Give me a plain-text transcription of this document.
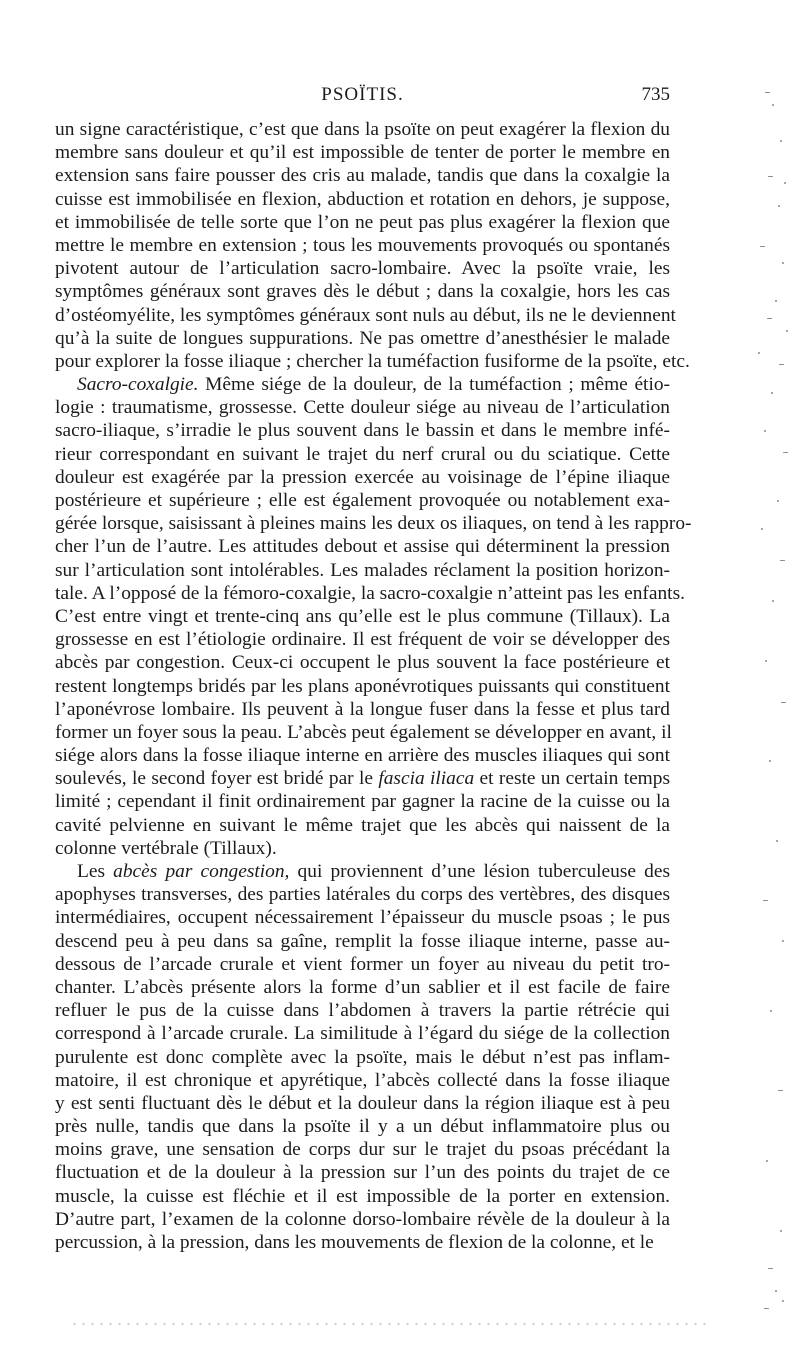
PSOÏTIS.	735
un signe caractéristique, c’est que dans la psoïte on peut exagérer la flexion du
membre sans douleur et qu’il est impossible de tenter de porter le membre en
extension sans faire pousser des cris au malade, tandis que dans la coxalgie la
cuisse est immobilisée en flexion, abduction et rotation en dehors, je suppose,
et immobilisée de telle sorte que l’on ne peut pas plus exagérer la flexion que
mettre le membre en extension ; tous les mouvements provoqués ou spontanés
pivotent autour de l’articulation sacro-lombaire. Avec la psoïte vraie, les
symptômes généraux sont graves dès le début ; dans la coxalgie, hors les cas
d’ostéomyélite, les symptômes généraux sont nuls au début, ils ne le deviennent
qu’à la suite de longues suppurations. Ne pas omettre d’anesthésier le malade
pour explorer la fosse iliaque ; chercher la tuméfaction fusiforme de la psoïte, etc.
Sacro-coxalgie. Même siége de la douleur, de la tuméfaction ; même étio-
logie : traumatisme, grossesse. Cette douleur siége au niveau de l’articulation
sacro-iliaque, s’irradie le plus souvent dans le bassin et dans le membre infé-
rieur correspondant en suivant le trajet du nerf crural ou du sciatique. Cette
douleur est exagérée par la pression exercée au voisinage de l’épine iliaque
postérieure et supérieure ; elle est également provoquée ou notablement exa-
gérée lorsque, saisissant à pleines mains les deux os iliaques, on tend à les rappro-
cher l’un de l’autre. Les attitudes debout et assise qui déterminent la pression
sur l’articulation sont intolérables. Les malades réclament la position horizon-
tale. A l’opposé de la fémoro-coxalgie, la sacro-coxalgie n’atteint pas les enfants.
C’est entre vingt et trente-cinq ans qu’elle est le plus commune (Tillaux). La
grossesse en est l’étiologie ordinaire. Il est fréquent de voir se développer des
abcès par congestion. Ceux-ci occupent le plus souvent la face postérieure et
restent longtemps bridés par les plans aponévrotiques puissants qui constituent
l’aponévrose lombaire. Ils peuvent à la longue fuser dans la fesse et plus tard
former un foyer sous la peau. L’abcès peut également se développer en avant, il
siége alors dans la fosse iliaque interne en arrière des muscles iliaques qui sont
soulevés, le second foyer est bridé par le fascia iliaca et reste un certain temps
limité ; cependant il finit ordinairement par gagner la racine de la cuisse ou la
cavité pelvienne en suivant le même trajet que les abcès qui naissent de la
colonne vertébrale (Tillaux).
Les abcès par congestion, qui proviennent d’une lésion tuberculeuse des
apophyses transverses, des parties latérales du corps des vertèbres, des disques
intermédiaires, occupent nécessairement l’épaisseur du muscle psoas ; le pus
descend peu à peu dans sa gaîne, remplit la fosse iliaque interne, passe au-
dessous de l’arcade crurale et vient former un foyer au niveau du petit tro-
chanter. L’abcès présente alors la forme d’un sablier et il est facile de faire
refluer le pus de la cuisse dans l’abdomen à travers la partie rétrécie qui
correspond à l’arcade crurale. La similitude à l’égard du siége de la collection
purulente est donc complète avec la psoïte, mais le début n’est pas inflam-
matoire, il est chronique et apyrétique, l’abcès collecté dans la fosse iliaque
y est senti fluctuant dès le début et la douleur dans la région iliaque est à peu
près nulle, tandis que dans la psoïte il y a un début inflammatoire plus ou
moins grave, une sensation de corps dur sur le trajet du psoas précédant la
fluctuation et de la douleur à la pression sur l’un des points du trajet de ce
muscle, la cuisse est fléchie et il est impossible de la porter en extension.
D’autre part, l’examen de la colonne dorso-lombaire révèle de la douleur à la
percussion, à la pression, dans les mouvements de flexion de la colonne, et le
